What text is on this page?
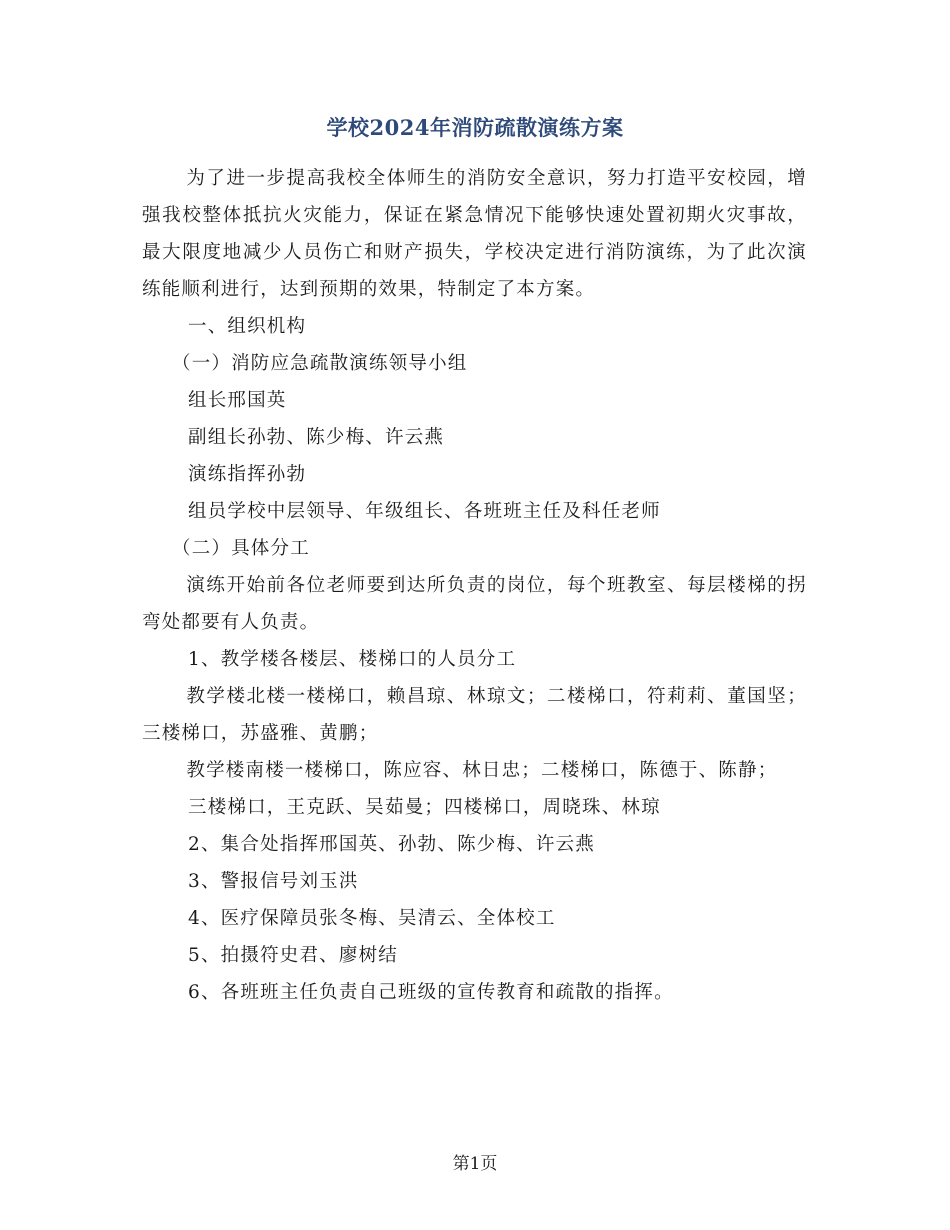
学校2024年消防疏散演练方案

为了进一步提高我校全体师生的消防安全意识，努力打造平安校园，增强我校整体抵抗火灾能力，保证在紧急情况下能够快速处置初期火灾事故，最大限度地减少人员伤亡和财产损失，学校决定进行消防演练，为了此次演练能顺利进行，达到预期的效果，特制定了本方案。

一、组织机构

（一）消防应急疏散演练领导小组

组长邢国英

副组长孙勃、陈少梅、许云燕

演练指挥孙勃

组员学校中层领导、年级组长、各班班主任及科任老师

（二）具体分工

演练开始前各位老师要到达所负责的岗位，每个班教室、每层楼梯的拐弯处都要有人负责。

1、教学楼各楼层、楼梯口的人员分工

教学楼北楼一楼梯口，赖昌琼、林琼文；二楼梯口，符莉莉、董国坚；三楼梯口，苏盛雅、黄鹏；

教学楼南楼一楼梯口，陈应容、林日忠；二楼梯口，陈德于、陈静；

三楼梯口，王克跃、吴茹曼；四楼梯口，周晓珠、林琼

2、集合处指挥邢国英、孙勃、陈少梅、许云燕

3、警报信号刘玉洪

4、医疗保障员张冬梅、吴清云、全体校工

5、拍摄符史君、廖树结

6、各班班主任负责自己班级的宣传教育和疏散的指挥。

第1页
